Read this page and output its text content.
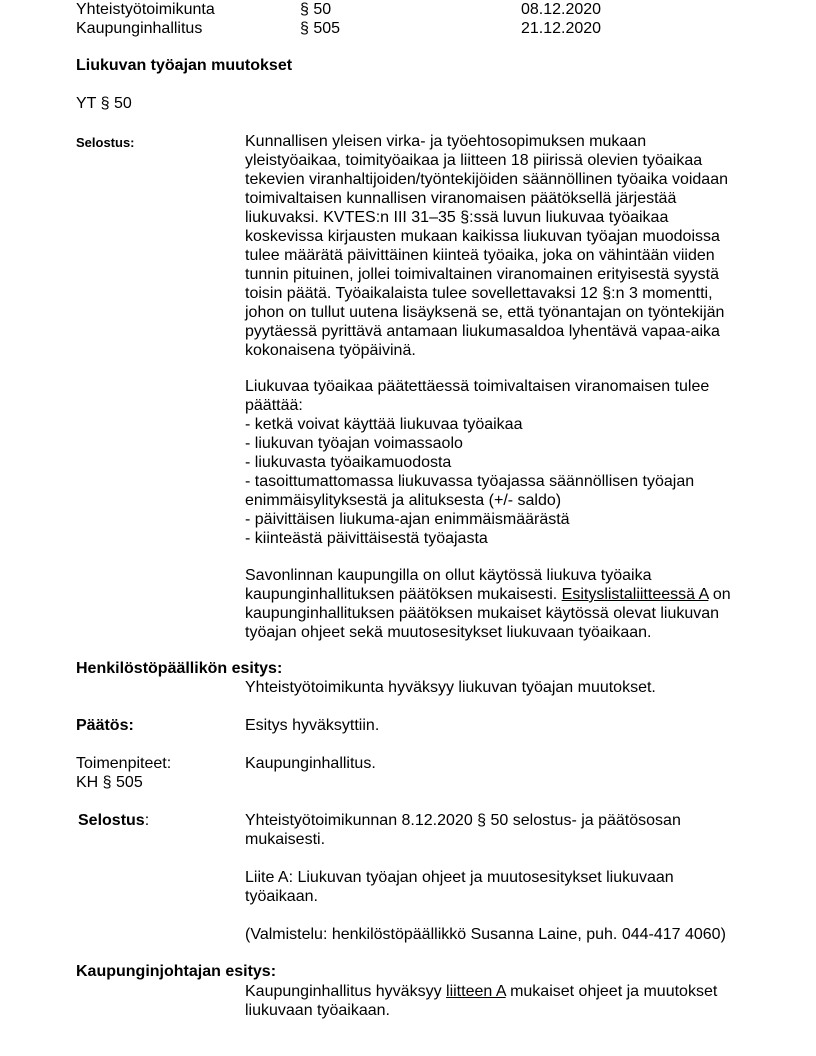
Yhteistyötoimikunta	§ 50	08.12.2020
Kaupunginhallitus	§ 505	21.12.2020
Liukuvan työajan muutokset
YT § 50
Selostus:	Kunnallisen yleisen virka- ja työehtosopimuksen mukaan
yleistyöaikaa, toimityöaikaa ja liitteen 18 piirissä olevien työaikaa
tekevien viranhaltijoiden/työntekijöiden säännöllinen työaika voidaan
toimivaltaisen kunnallisen viranomaisen päätöksellä järjestää
liukuvaksi. KVTES:n III 31–35 §:ssä luvun liukuvaa työaikaa
koskevissa kirjausten mukaan kaikissa liukuvan työajan muodoissa
tulee määrätä päivittäinen kiinteä työaika, joka on vähintään viiden
tunnin pituinen, jollei toimivaltainen viranomainen erityisestä syystä
toisin päätä. Työaikalaista tulee sovellettavaksi 12 §:n 3 momentti,
johon on tullut uutena lisäyksenä se, että työnantajan on työntekijän
pyytäessä pyrittävä antamaan liukumasaldoa lyhentävä vapaa-aika
kokonaisena työpäivinä.
Liukuvaa työaikaa päätettäessä toimivaltaisen viranomaisen tulee
päättää:
- ketkä voivat käyttää liukuvaa työaikaa
- liukuvan työajan voimassaolo
- liukuvasta työaikamuodosta
- tasoittumattomassa liukuvassa työajassa säännöllisen työajan
enimmäisylityksestä ja alituksesta (+/- saldo)
- päivittäisen liukuma-ajan enimmäismäärästä
- kiinteästä päivittäisestä työajasta
Savonlinnan kaupungilla on ollut käytössä liukuva työaika
kaupunginhallituksen päätöksen mukaisesti. Esityslistaliitteessä A on
kaupunginhallituksen päätöksen mukaiset käytössä olevat liukuvan
työajan ohjeet sekä muutosesitykset liukuvaan työaikaan.
Henkilöstöpäällikön esitys:
Yhteistyötoimikunta hyväksyy liukuvan työajan muutokset.
Päätös:	Esitys hyväksyttiin.
Toimenpiteet:
KH § 505
Kaupunginhallitus.
Selostus:	Yhteistyötoimikunnan 8.12.2020 § 50 selostus- ja päätösosan
mukaisesti.
Liite A: Liukuvan työajan ohjeet ja muutosesitykset liukuvaan
työaikaan.
(Valmistelu: henkilöstöpäällikkö Susanna Laine, puh. 044-417 4060)
Kaupunginjohtajan esitys:
Kaupunginhallitus hyväksyy liitteen A mukaiset ohjeet ja muutokset
liukuvaan työaikaan.
